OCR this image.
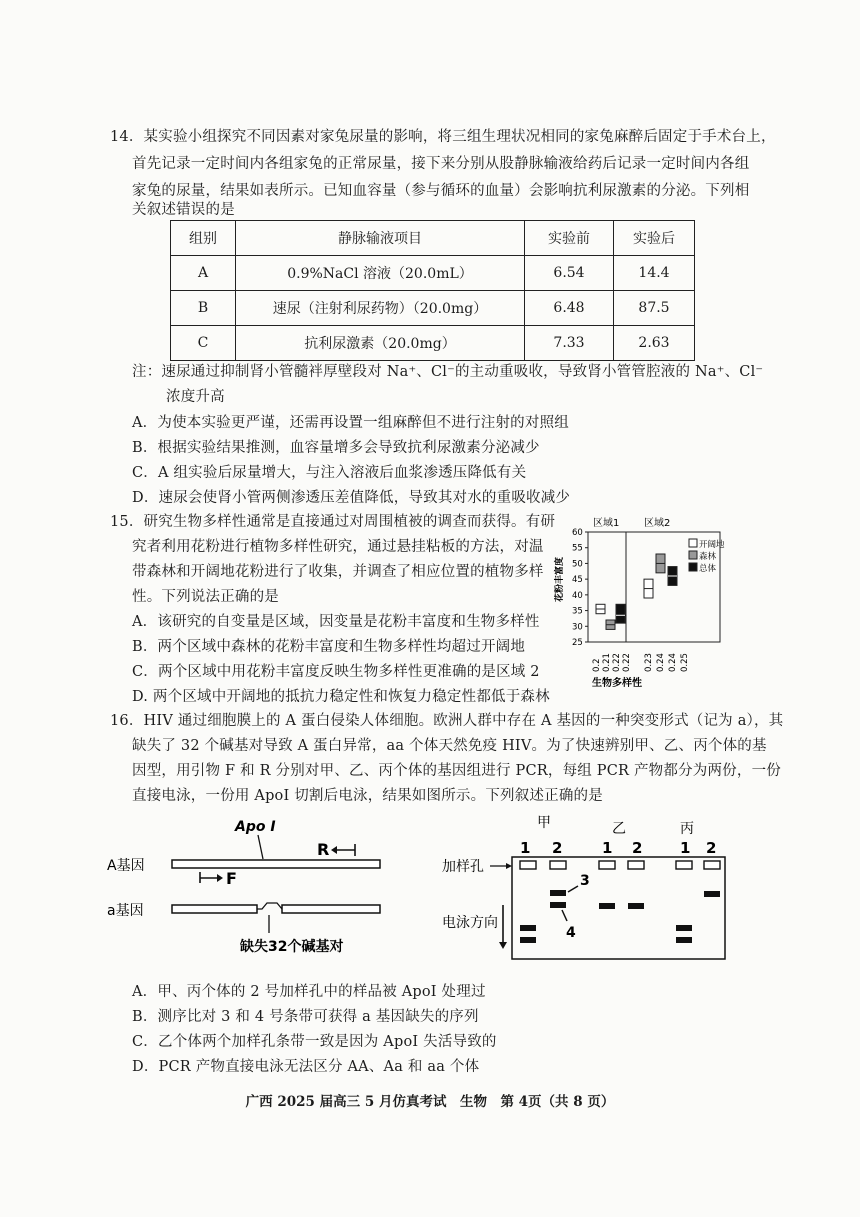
14．某实验小组探究不同因素对家兔尿量的影响，将三组生理状况相同的家兔麻醉后固定于手术台上，
首先记录一定时间内各组家兔的正常尿量，接下来分别从股静脉输液给药后记录一定时间内各组
家兔的尿量，结果如表所示。已知血容量（参与循环的血量）会影响抗利尿激素的分泌。下列相
关叙述错误的是
组别	静脉输液项目	实验前	实验后
A	0.9%NaCl 溶液（20.0mL）	6.54	14.4
B	速尿（注射利尿药物）（20.0mg）	6.48	87.5
C	抗利尿激素（20.0mg）	7.33	2.63
注：速尿通过抑制肾小管髓袢厚壁段对 Na⁺、Cl⁻的主动重吸收，导致肾小管管腔液的 Na⁺、Cl⁻
浓度升高
A．为使本实验更严谨，还需再设置一组麻醉但不进行注射的对照组
B．根据实验结果推测，血容量增多会导致抗利尿激素分泌减少
C．A 组实验后尿量增大，与注入溶液后血浆渗透压降低有关
D．速尿会使肾小管两侧渗透压差值降低，导致其对水的重吸收减少
15．研究生物多样性通常是直接通过对周围植被的调查而获得。有研
究者利用花粉进行植物多样性研究，通过悬挂粘板的方法，对温
带森林和开阔地花粉进行了收集，并调查了相应位置的植物多样
性。下列说法正确的是
A．该研究的自变量是区域，因变量是花粉丰富度和生物多样性
B．两个区域中森林的花粉丰富度和生物多样性均超过开阔地
C．两个区域中用花粉丰富度反映生物多样性更准确的是区域 2
D. 两个区域中开阔地的抵抗力稳定性和恢复力稳定性都低于森林
区域1 区域2
花粉丰富度
60
55
50
45
40
35
30
25
0.2 0.21 0.22 0.22 0.23 0.24 0.24 0.25
生物多样性
开阔地
森林
总体
16．HIV 通过细胞膜上的 A 蛋白侵染人体细胞。欧洲人群中存在 A 基因的一种突变形式（记为 a），其
缺失了 32 个碱基对导致 A 蛋白异常，aa 个体天然免疫 HIV。为了快速辨别甲、乙、丙个体的基
因型，用引物 F 和 R 分别对甲、乙、丙个体的基因组进行 PCR，每组 PCR 产物都分为两份，一份
直接电泳，一份用 ApoI 切割后电泳，结果如图所示。下列叙述正确的是
Apo I
R
A基因
F
a基因
缺失32个碱基对
甲	乙	丙
1 2	1 2	1 2
加样孔
3
4
电泳方向
A．甲、丙个体的 2 号加样孔中的样品被 ApoI 处理过
B．测序比对 3 和 4 号条带可获得 a 基因缺失的序列
C．乙个体两个加样孔条带一致是因为 ApoI 失活导致的
D．PCR 产物直接电泳无法区分 AA、Aa 和 aa 个体
广西 2025 届高三 5 月仿真考试　生物　第 4页（共 8 页）
